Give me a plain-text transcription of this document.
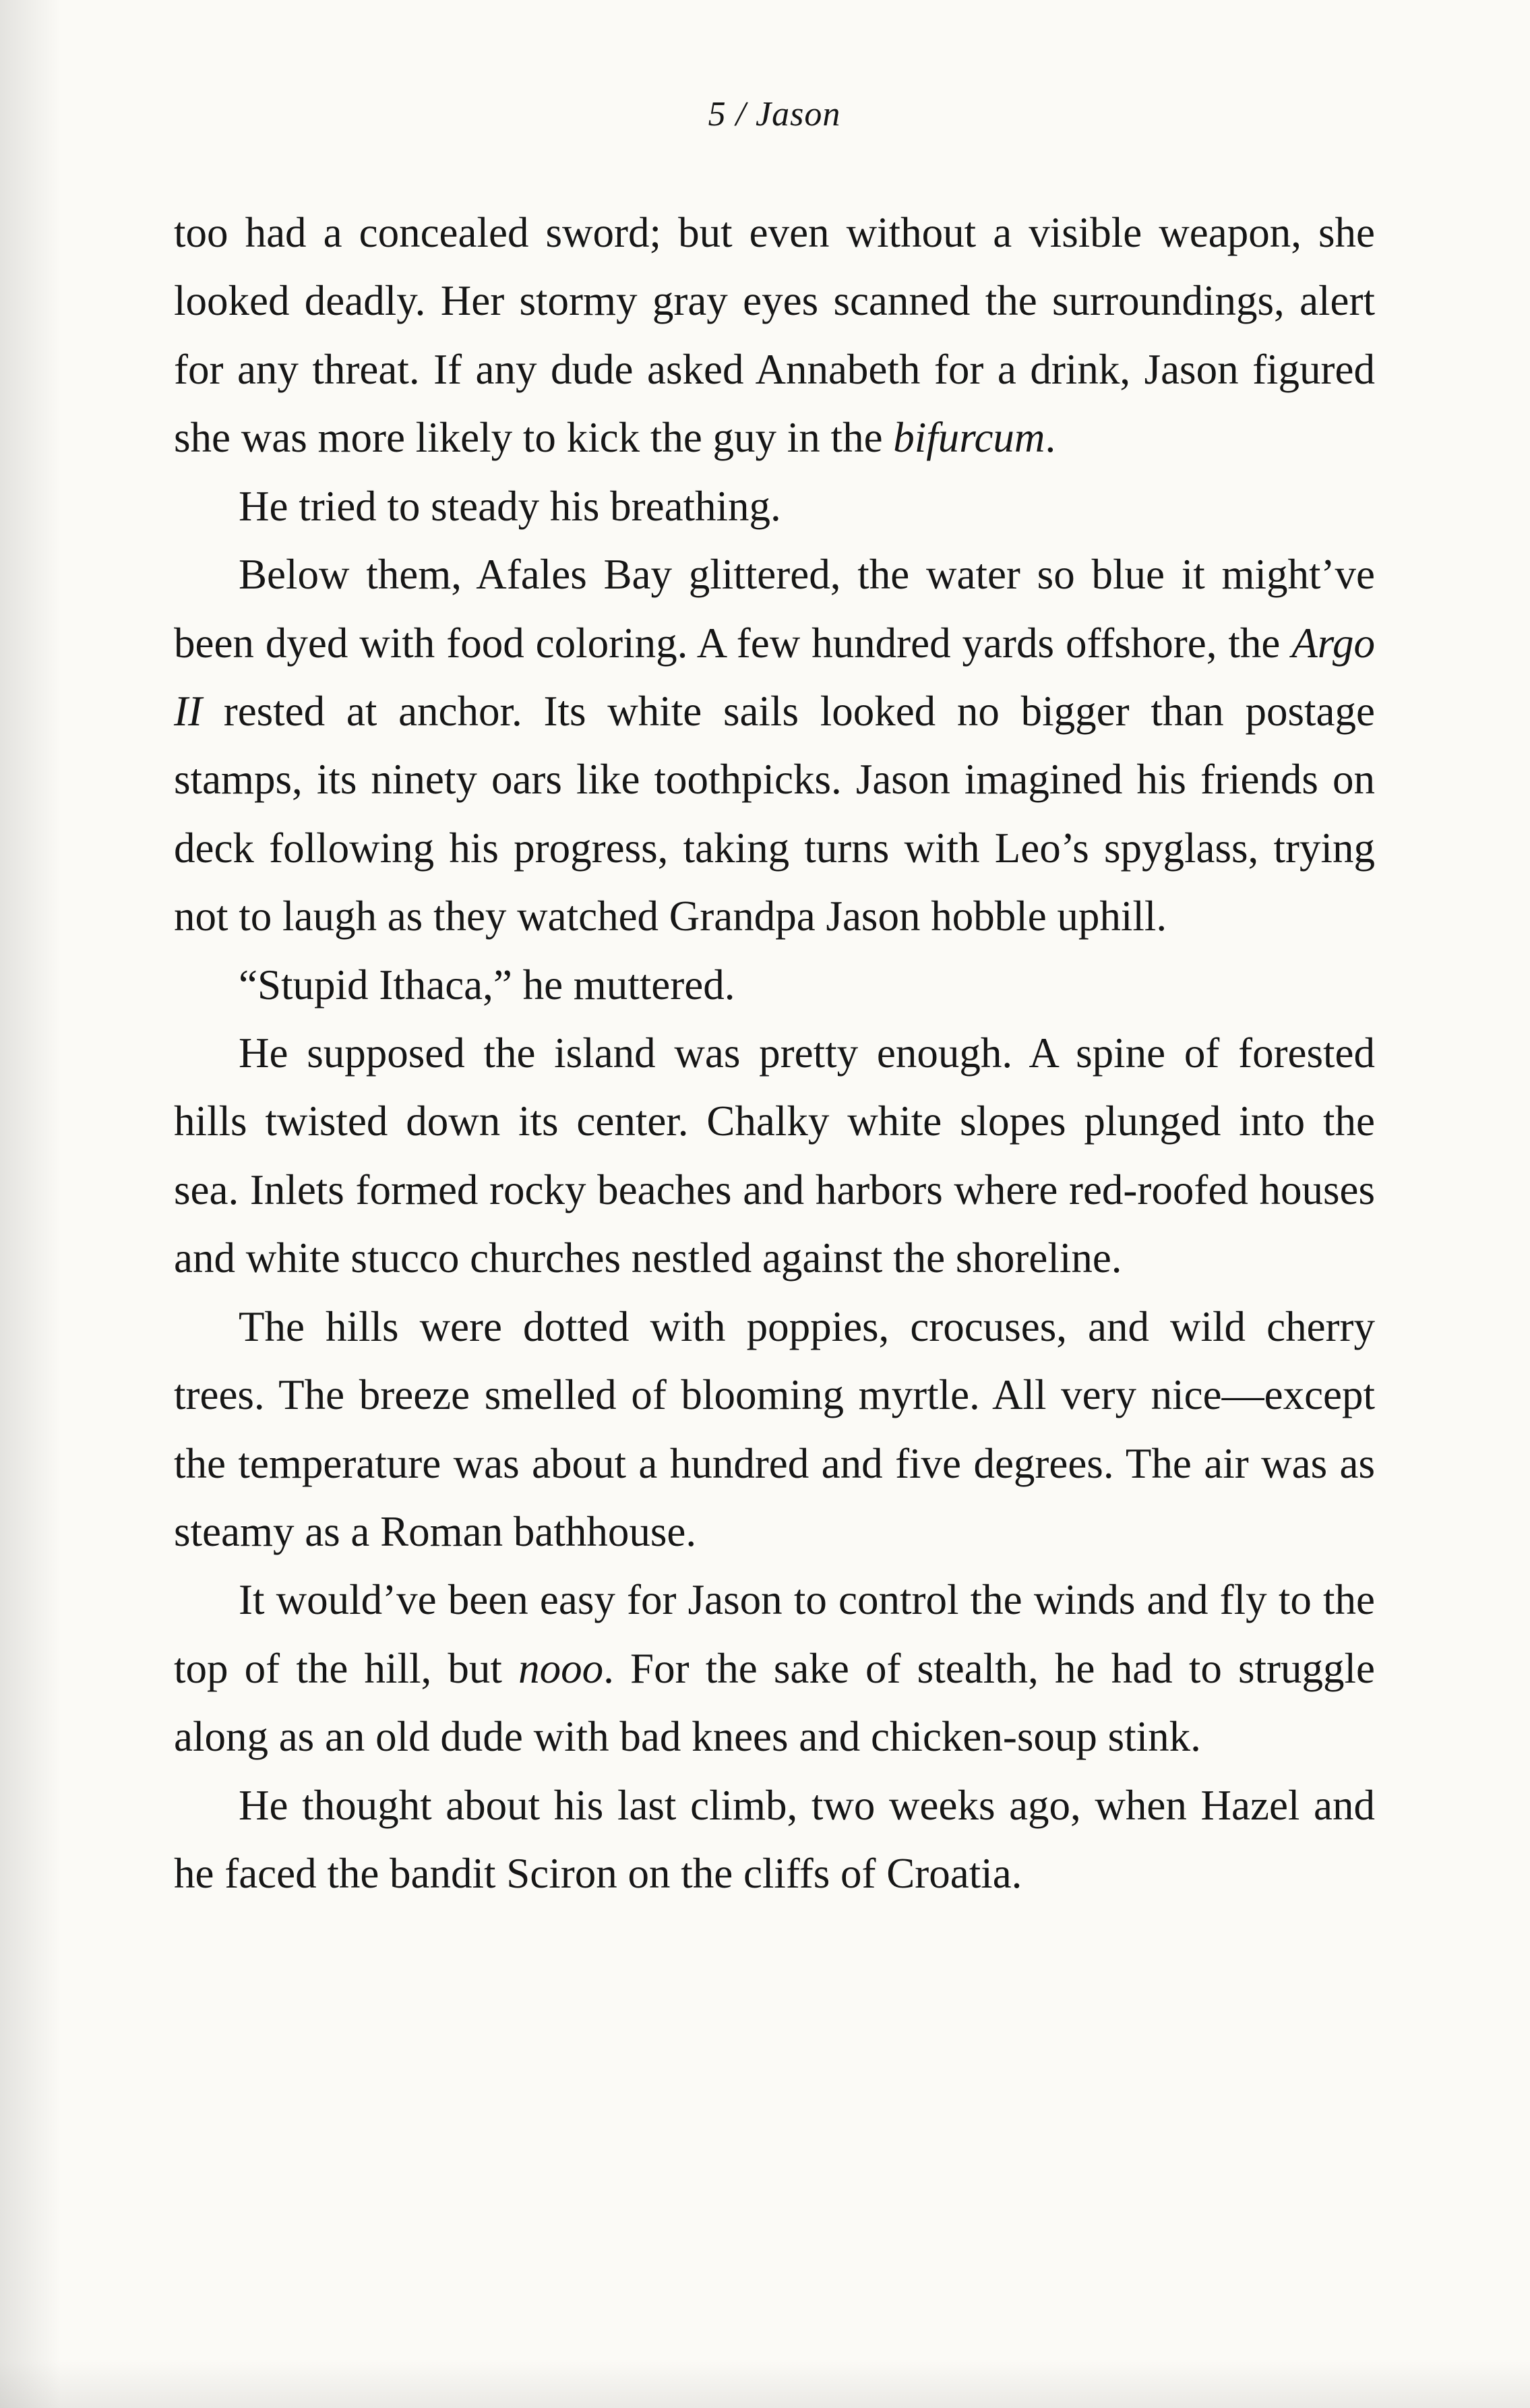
5 / Jason

too had a concealed sword; but even without a visible weapon, she looked deadly. Her stormy gray eyes scanned the surroundings, alert for any threat. If any dude asked Annabeth for a drink, Jason figured she was more likely to kick the guy in the bifurcum.

He tried to steady his breathing.

Below them, Afales Bay glittered, the water so blue it might’ve been dyed with food coloring. A few hundred yards offshore, the Argo II rested at anchor. Its white sails looked no bigger than postage stamps, its ninety oars like toothpicks. Jason imagined his friends on deck following his progress, taking turns with Leo’s spyglass, trying not to laugh as they watched Grandpa Jason hobble uphill.

“Stupid Ithaca,” he muttered.

He supposed the island was pretty enough. A spine of forested hills twisted down its center. Chalky white slopes plunged into the sea. Inlets formed rocky beaches and harbors where red-roofed houses and white stucco churches nestled against the shoreline.

The hills were dotted with poppies, crocuses, and wild cherry trees. The breeze smelled of blooming myrtle. All very nice—except the temperature was about a hundred and five degrees. The air was as steamy as a Roman bathhouse.

It would’ve been easy for Jason to control the winds and fly to the top of the hill, but nooo. For the sake of stealth, he had to struggle along as an old dude with bad knees and chicken-soup stink.

He thought about his last climb, two weeks ago, when Hazel and he faced the bandit Sciron on the cliffs of Croatia.
